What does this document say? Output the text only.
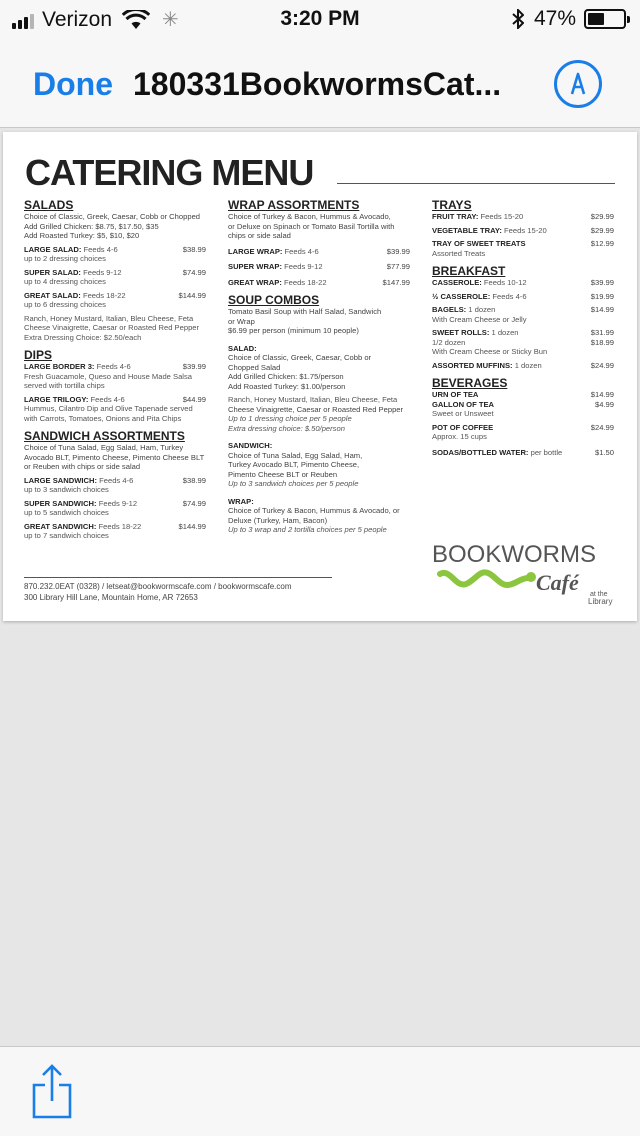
Verizon	✳	3:20 PM	47%
Done 180331BookwormsCat...
CATERING MENU
SALADS
Choice of Classic, Greek, Caesar, Cobb or Chopped
Add Grilled Chicken: $8.75, $17.50, $35
Add Roasted Turkey: $5, $10, $20
LARGE SALAD: Feeds 4-6	$38.99
up to 2 dressing choices
SUPER SALAD: Feeds 9-12	$74.99
up to 4 dressing choices
GREAT SALAD: Feeds 18-22	$144.99
up to 6 dressing choices
Ranch, Honey Mustard, Italian, Bleu Cheese, Feta
Cheese Vinaigrette, Caesar or Roasted Red Pepper
Extra Dressing Choice: $2.50/each
DIPS
LARGE BORDER 3: Feeds 4-6	$39.99
Fresh Guacamole, Queso and House Made Salsa
served with tortilla chips
LARGE TRILOGY: Feeds 4-6	$44.99
Hummus, Cilantro Dip and Olive Tapenade served
with Carrots, Tomatoes, Onions and Pita Chips
SANDWICH ASSORTMENTS
Choice of Tuna Salad, Egg Salad, Ham, Turkey
Avocado BLT, Pimento Cheese, Pimento Cheese BLT
or Reuben with chips or side salad
LARGE SANDWICH: Feeds 4-6	$38.99
up to 3 sandwich choices
SUPER SANDWICH: Feeds 9-12	$74.99
up to 5 sandwich choices
GREAT SANDWICH: Feeds 18-22	$144.99
up to 7 sandwich choices
WRAP ASSORTMENTS
Choice of Turkey & Bacon, Hummus & Avocado,
or Deluxe on Spinach or Tomato Basil Tortilla with
chips or side salad
LARGE WRAP: Feeds 4-6	$39.99
SUPER WRAP: Feeds 9-12	$77.99
GREAT WRAP: Feeds 18-22	$147.99
SOUP COMBOS
Tomato Basil Soup with Half Salad, Sandwich
or Wrap
$6.99 per person (minimum 10 people)
SALAD:
Choice of Classic, Greek, Caesar, Cobb or
Chopped Salad
Add Grilled Chicken: $1.75/person
Add Roasted Turkey: $1.00/person
Ranch, Honey Mustard, Italian, Bleu Cheese, Feta
Cheese Vinaigrette, Caesar or Roasted Red Pepper
Up to 1 dressing choice per 5 people
Extra dressing choice: $.50/person
SANDWICH:
Choice of Tuna Salad, Egg Salad, Ham,
Turkey Avocado BLT, Pimento Cheese,
Pimento Cheese BLT or Reuben
Up to 3 sandwich choices per 5 people
WRAP:
Choice of Turkey & Bacon, Hummus & Avocado, or
Deluxe (Turkey, Ham, Bacon)
Up to 3 wrap and 2 tortilla choices per 5 people
TRAYS
FRUIT TRAY: Feeds 15-20	$29.99
VEGETABLE TRAY: Feeds 15-20	$29.99
TRAY OF SWEET TREATS	$12.99
Assorted Treats
BREAKFAST
CASSEROLE: Feeds 10-12	$39.99
½ CASSEROLE: Feeds 4-6	$19.99
BAGELS: 1 dozen	$14.99
With Cream Cheese or Jelly
SWEET ROLLS: 1 dozen	$31.99
1/2 dozen	$18.99
With Cream Cheese or Sticky Bun
ASSORTED MUFFINS: 1 dozen	$24.99
BEVERAGES
URN OF TEA	$14.99
GALLON OF TEA	$4.99
Sweet or Unsweet
POT OF COFFEE	$24.99
Approx. 15 cups
SODAS/BOTTLED WATER: per bottle	$1.50
870.232.0EAT (0328) / letseat@bookwormscafe.com / bookwormscafe.com
300 Library Hill Lane, Mountain Home, AR 72653
BOOKWORMS
Café at the
Library
